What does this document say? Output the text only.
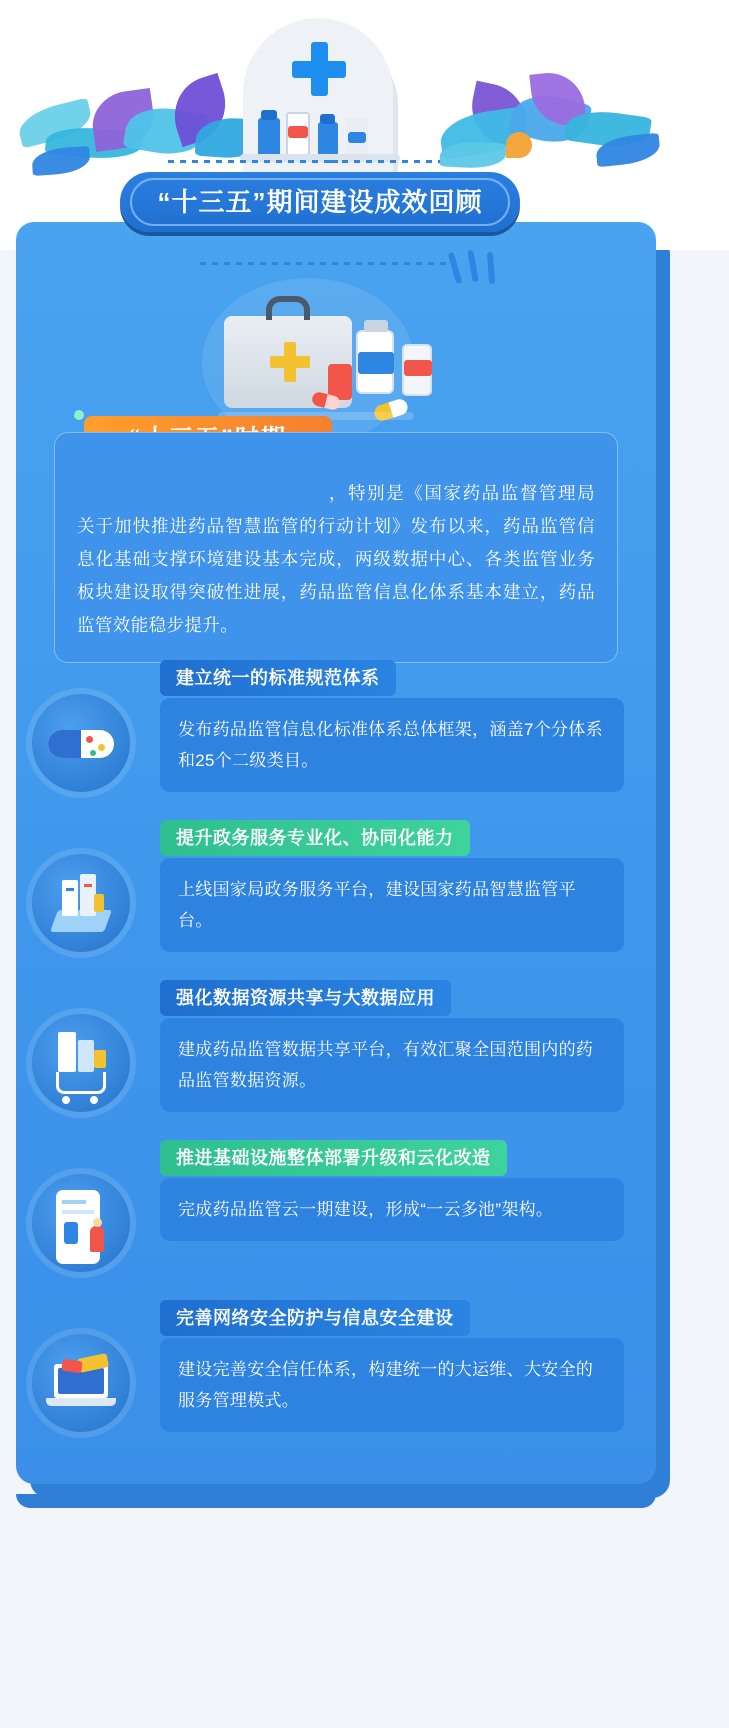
“十三五”期间建设成效回顾
，特别是《国家药品监督管理局关于加快推进药品智慧监管的行动计划》发布以来，药品监管信息化基础支撑环境建设基本完成，两级数据中心、各类监管业务板块建设取得突破性进展，药品监管信息化体系基本建立，药品监管效能稳步提升。
建立统一的标准规范体系
发布药品监管信息化标准体系总体框架，涵盖7个分体系和25个二级类目。
提升政务服务专业化、协同化能力
上线国家局政务服务平台，建设国家药品智慧监管平台。
强化数据资源共享与大数据应用
建成药品监管数据共享平台，有效汇聚全国范围内的药品监管数据资源。
推进基础设施整体部署升级和云化改造
完成药品监管云一期建设，形成“一云多池”架构。
完善网络安全防护与信息安全建设
建设完善安全信任体系，构建统一的大运维、大安全的服务管理模式。
